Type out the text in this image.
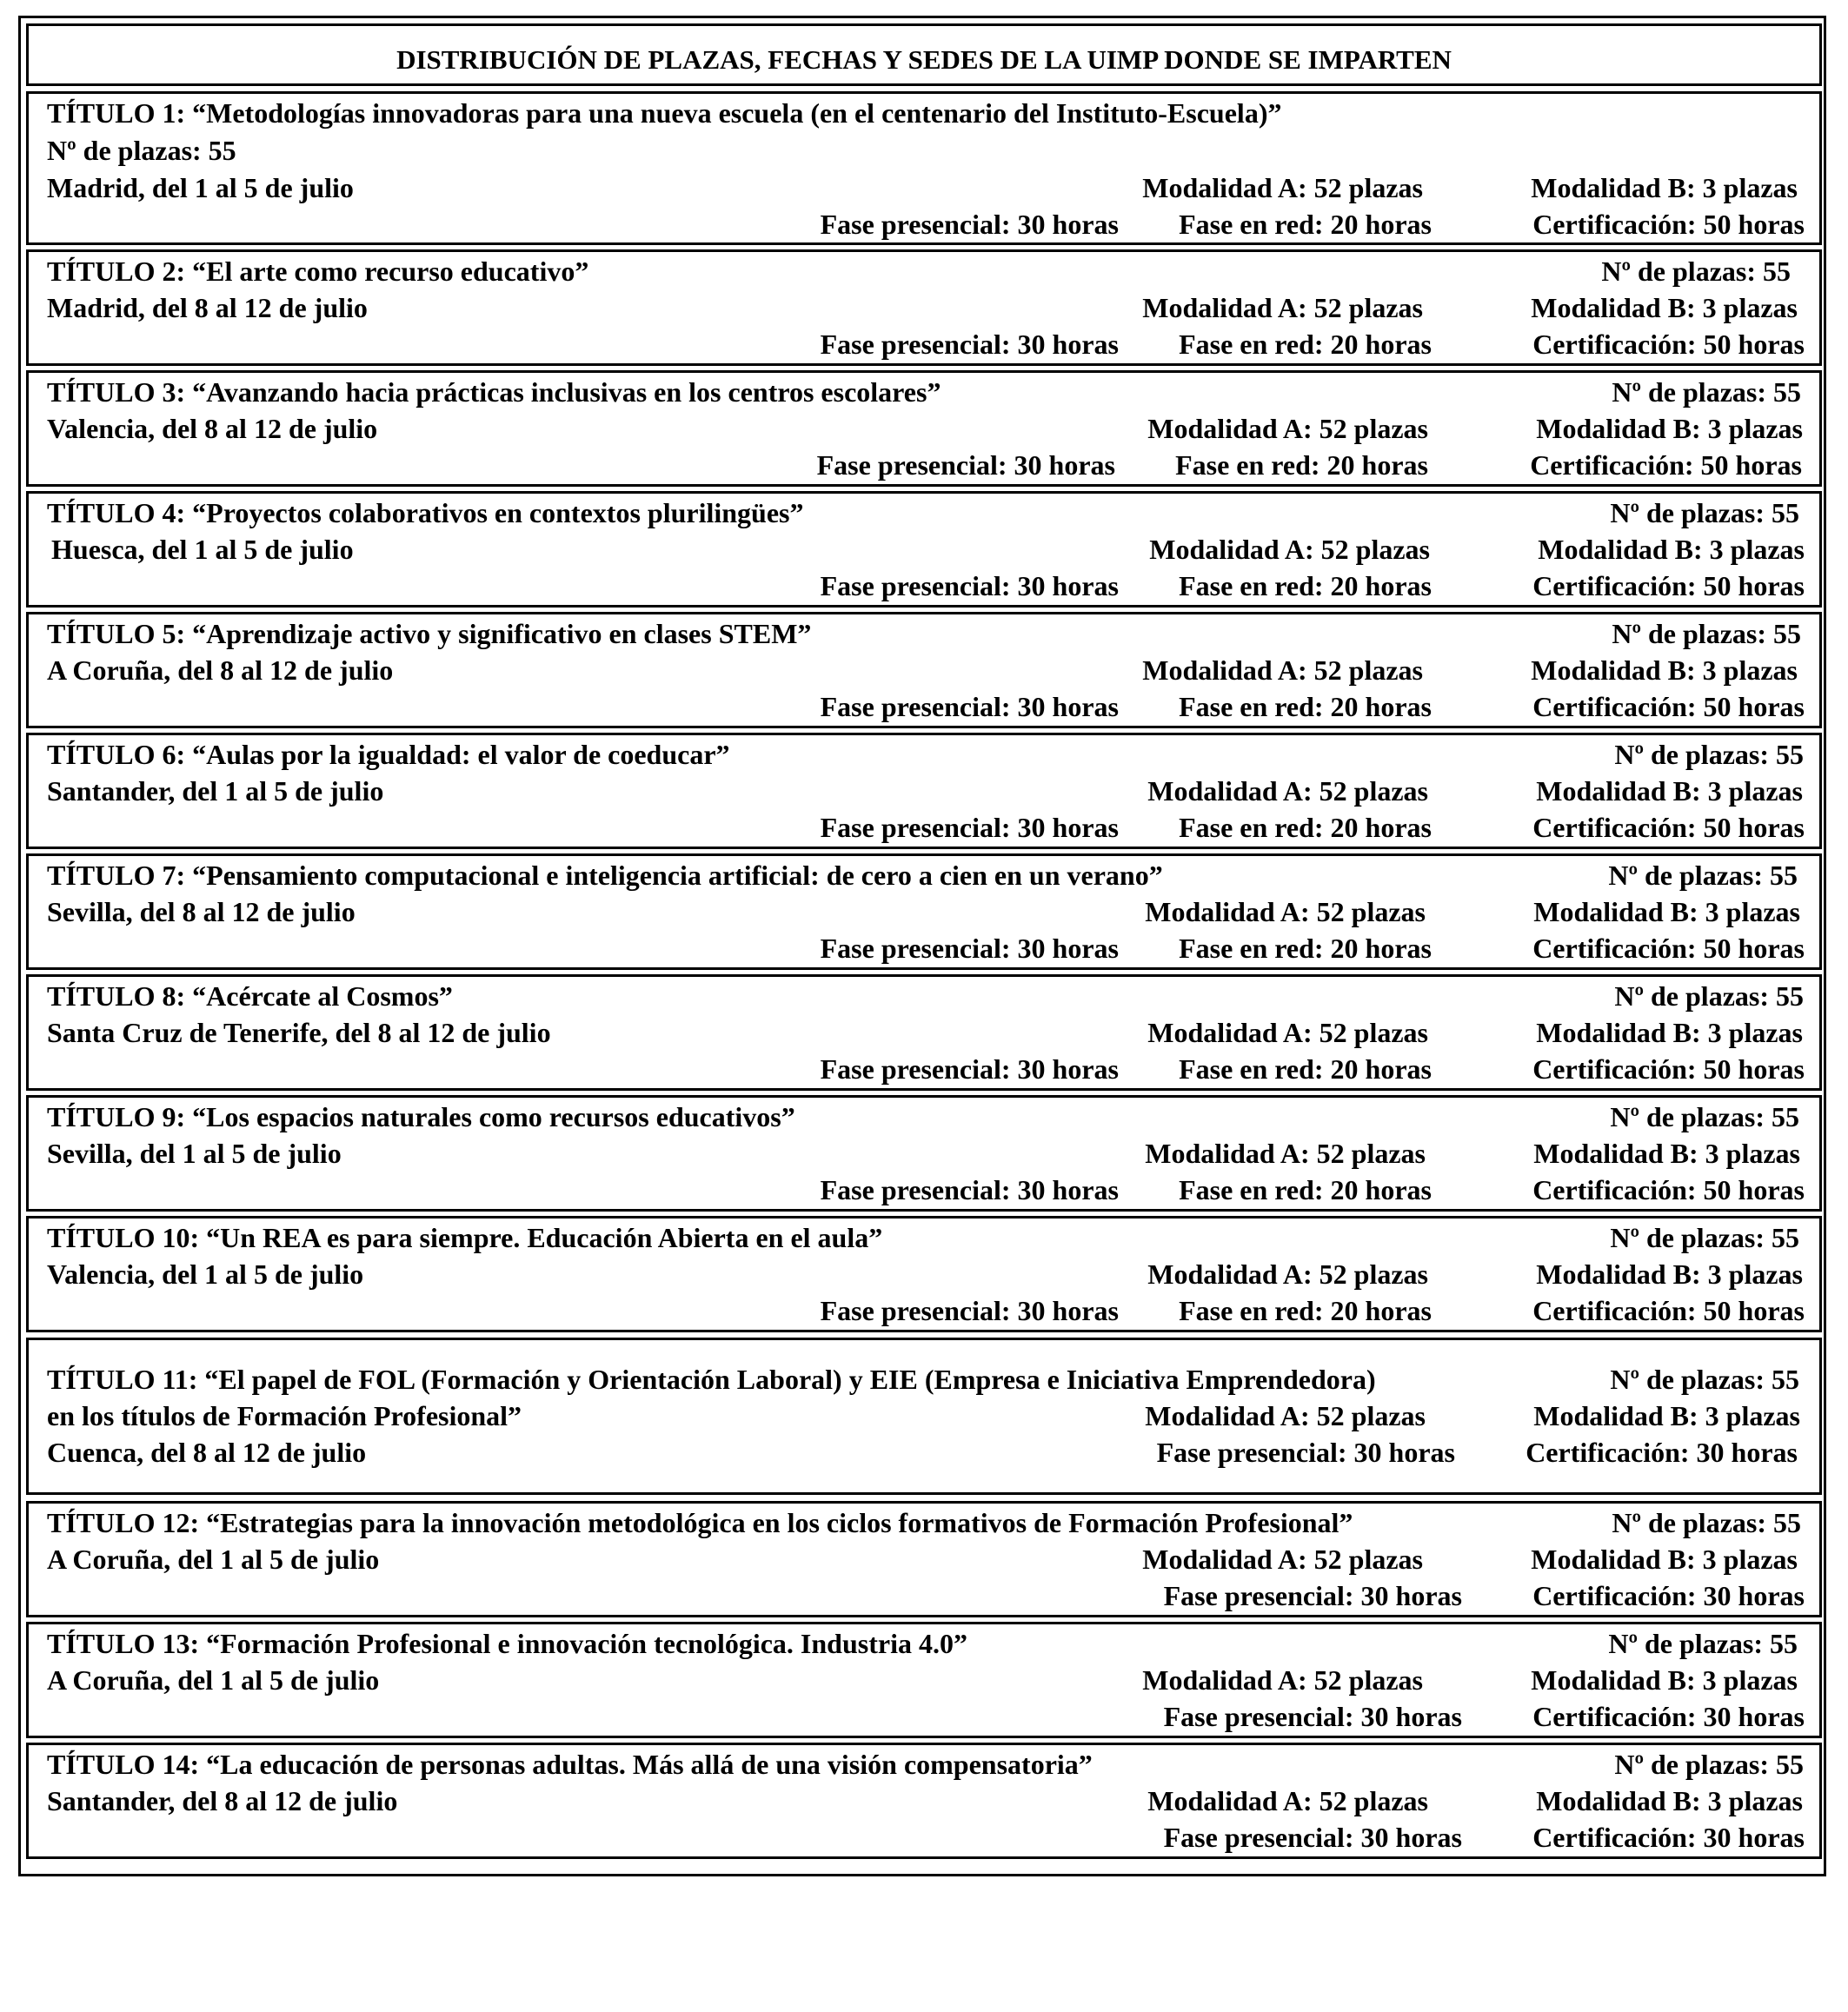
DISTRIBUCIÓN DE PLAZAS, FECHAS Y SEDES DE LA UIMP DONDE SE IMPARTEN
TÍTULO 1: “Metodologías innovadoras para una nueva escuela (en el centenario del Instituto-Escuela)”
Nº de plazas: 55
Madrid, del 1 al 5 de julio	Modalidad A: 52 plazas	Modalidad B: 3 plazas
Fase presencial: 30 horas Fase en red: 20 horas	Certificación: 50 horas
TÍTULO 2: “El arte como recurso educativo”	Nº de plazas: 55
Madrid, del 8 al 12 de julio	Modalidad A: 52 plazas	Modalidad B: 3 plazas
Fase presencial: 30 horas Fase en red: 20 horas	Certificación: 50 horas
TÍTULO 3: “Avanzando hacia prácticas inclusivas en los centros escolares”	Nº de plazas: 55
Valencia, del 8 al 12 de julio	Modalidad A: 52 plazas	Modalidad B: 3 plazas
Fase presencial: 30 horas Fase en red: 20 horas	Certificación: 50 horas
TÍTULO 4: “Proyectos colaborativos en contextos plurilingües”	Nº de plazas: 55
Huesca, del 1 al 5 de julio	Modalidad A: 52 plazas	Modalidad B: 3 plazas
Fase presencial: 30 horas Fase en red: 20 horas	Certificación: 50 horas
TÍTULO 5: “Aprendizaje activo y significativo en clases STEM”	Nº de plazas: 55
A Coruña, del 8 al 12 de julio	Modalidad A: 52 plazas	Modalidad B: 3 plazas
Fase presencial: 30 horas Fase en red: 20 horas	Certificación: 50 horas
TÍTULO 6: “Aulas por la igualdad: el valor de coeducar”	Nº de plazas: 55
Santander, del 1 al 5 de julio	Modalidad A: 52 plazas	Modalidad B: 3 plazas
Fase presencial: 30 horas Fase en red: 20 horas	Certificación: 50 horas
TÍTULO 7: “Pensamiento computacional e inteligencia artificial: de cero a cien en un verano”	Nº de plazas: 55
Sevilla, del 8 al 12 de julio	Modalidad A: 52 plazas	Modalidad B: 3 plazas
Fase presencial: 30 horas Fase en red: 20 horas	Certificación: 50 horas
TÍTULO 8: “Acércate al Cosmos”	Nº de plazas: 55
Santa Cruz de Tenerife, del 8 al 12 de julio	Modalidad A: 52 plazas	Modalidad B: 3 plazas
Fase presencial: 30 horas Fase en red: 20 horas	Certificación: 50 horas
TÍTULO 9: “Los espacios naturales como recursos educativos”	Nº de plazas: 55
Sevilla, del 1 al 5 de julio	Modalidad A: 52 plazas	Modalidad B: 3 plazas
Fase presencial: 30 horas Fase en red: 20 horas	Certificación: 50 horas
TÍTULO 10: “Un REA es para siempre. Educación Abierta en el aula”	Nº de plazas: 55
Valencia, del 1 al 5 de julio	Modalidad A: 52 plazas	Modalidad B: 3 plazas
Fase presencial: 30 horas Fase en red: 20 horas	Certificación: 50 horas
TÍTULO 11: “El papel de FOL (Formación y Orientación Laboral) y EIE (Empresa e Iniciativa Emprendedora)	Nº de plazas: 55
en los títulos de Formación Profesional”	Modalidad A: 52 plazas	Modalidad B: 3 plazas
Cuenca, del 8 al 12 de julio	Fase presencial: 30 horas	Certificación: 30 horas
TÍTULO 12: “Estrategias para la innovación metodológica en los ciclos formativos de Formación Profesional”	Nº de plazas: 55
A Coruña, del 1 al 5 de julio	Modalidad A: 52 plazas	Modalidad B: 3 plazas
Fase presencial: 30 horas	Certificación: 30 horas
TÍTULO 13: “Formación Profesional e innovación tecnológica. Industria 4.0”	Nº de plazas: 55
A Coruña, del 1 al 5 de julio	Modalidad A: 52 plazas	Modalidad B: 3 plazas
Fase presencial: 30 horas	Certificación: 30 horas
TÍTULO 14: “La educación de personas adultas. Más allá de una visión compensatoria”	Nº de plazas: 55
Santander, del 8 al 12 de julio	Modalidad A: 52 plazas	Modalidad B: 3 plazas
Fase presencial: 30 horas	Certificación: 30 horas
